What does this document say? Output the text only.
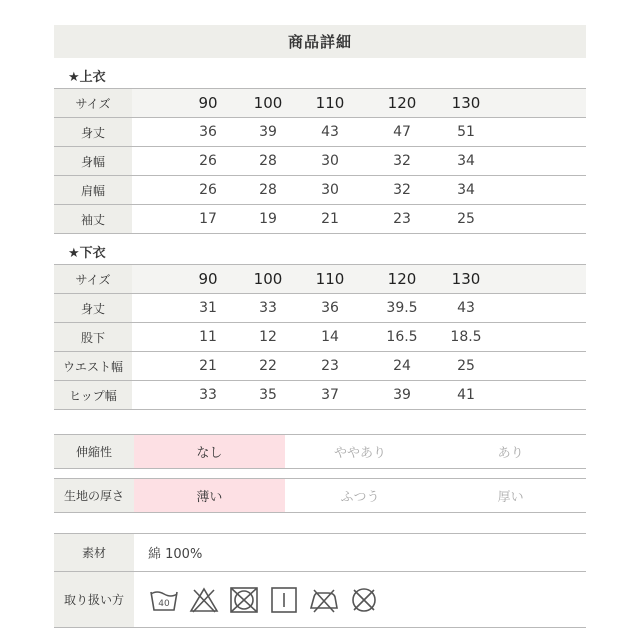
商品詳細
★上衣
サイズ	90	100	110	120	130
身丈	36	39	43	47	51
身幅	26	28	30	32	34
肩幅	26	28	30	32	34
袖丈	17	19	21	23	25
★下衣
サイズ	90	100	110	120	130
身丈	31	33	36	39.5	43
股下	11	12	14	16.5	18.5
ウエスト幅	21	22	23	24	25
ヒップ幅	33	35	37	39	41
伸縮性	なし	ややあり	あり
生地の厚さ	薄い	ふつう	厚い
素材	綿 100%
取り扱い方	40
